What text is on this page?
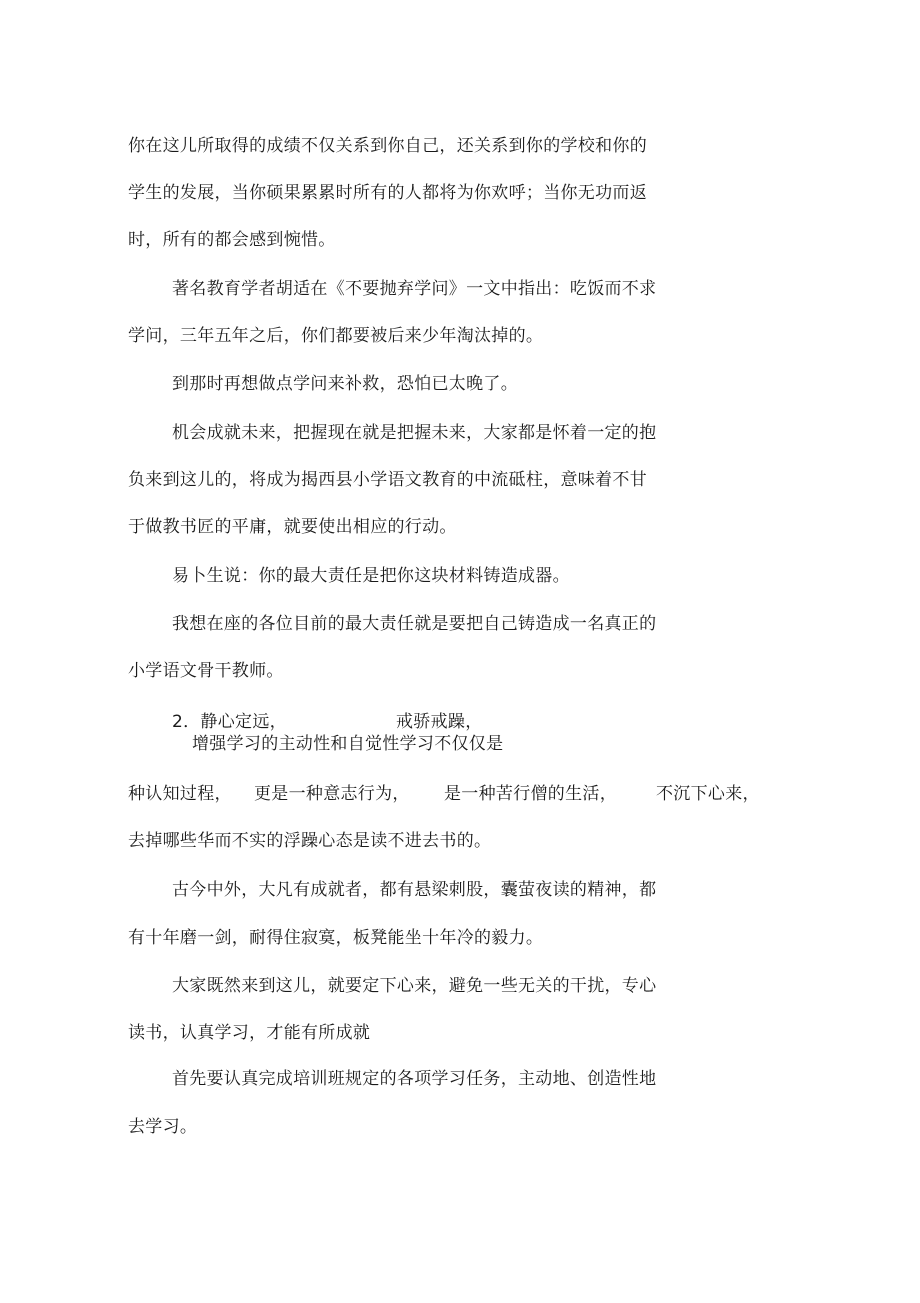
你在这儿所取得的成绩不仅关系到你自己，还关系到你的学校和你的
学生的发展，当你硕果累累时所有的人都将为你欢呼；当你无功而返
时，所有的都会感到惋惜。
著名教育学者胡适在《不要抛弃学问》一文中指出：吃饭而不求
学问，三年五年之后，你们都要被后来少年淘汰掉的。
到那时再想做点学问来补救，恐怕已太晚了。
机会成就未来，把握现在就是把握未来，大家都是怀着一定的抱
负来到这儿的，将成为揭西县小学语文教育的中流砥柱，意味着不甘
于做教书匠的平庸，就要使出相应的行动。
易卜生说：你的最大责任是把你这块材料铸造成器。
我想在座的各位目前的最大责任就是要把自己铸造成一名真正的
小学语文骨干教师。
2．静心定远，	戒骄戒躁，
增强学习的主动性和自觉性学习不仅仅是
种认知过程， 更是一种意志行为， 是一种苦行僧的生活， 不沉下心来，
去掉哪些华而不实的浮躁心态是读不进去书的。
古今中外，大凡有成就者，都有悬梁刺股，囊萤夜读的精神，都
有十年磨一剑，耐得住寂寞，板凳能坐十年冷的毅力。
大家既然来到这儿，就要定下心来，避免一些无关的干扰，专心
读书，认真学习，才能有所成就
首先要认真完成培训班规定的各项学习任务，主动地、创造性地
去学习。
